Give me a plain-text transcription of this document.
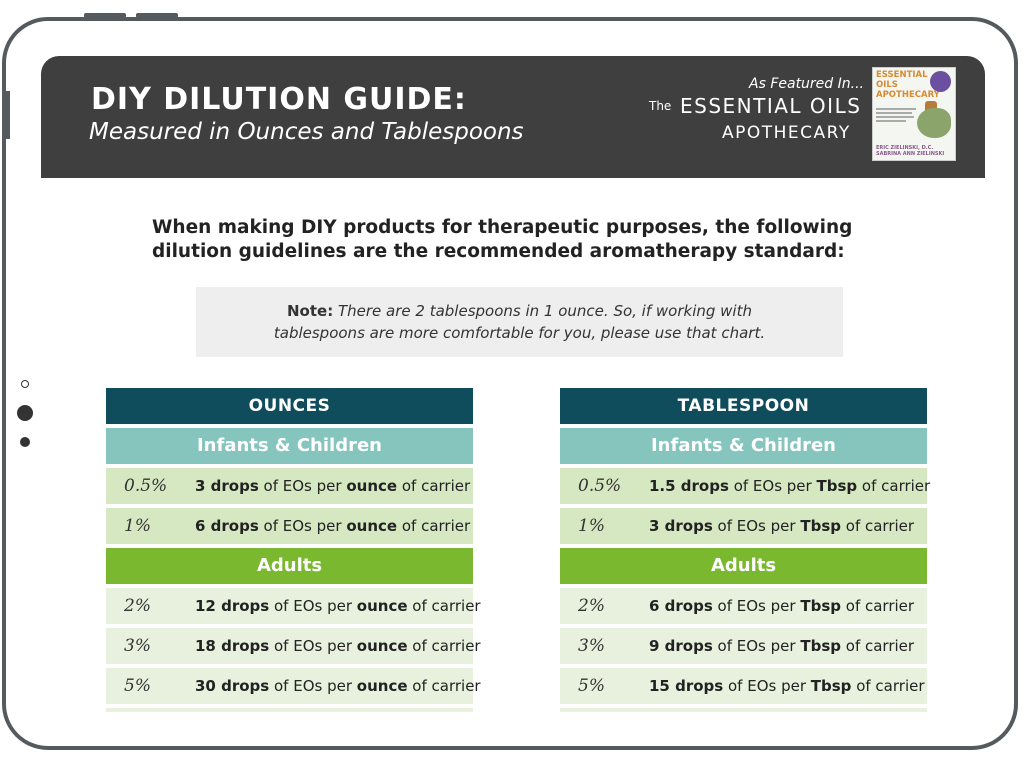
DIY DILUTION GUIDE:
Measured in Ounces and Tablespoons
As Featured In...
The ESSENTIAL OILS
APOTHECARY
ESSENTIAL OILS APOTHECARY
ERIC ZIELINSKI, D.C.
SABRINA ANN ZIELINSKI
When making DIY products for therapeutic purposes, the following dilution guidelines are the recommended aromatherapy standard:
Note: There are 2 tablespoons in 1 ounce. So, if working with
tablespoons are more comfortable for you, please use that chart.
OUNCES
Infants & Children
0.5%	3 drops of EOs per ounce of carrier
1%	6 drops of EOs per ounce of carrier
Adults
2%	12 drops of EOs per ounce of carrier
3%	18 drops of EOs per ounce of carrier
5%	30 drops of EOs per ounce of carrier
TABLESPOON
Infants & Children
0.5%	1.5 drops of EOs per Tbsp of carrier
1%	3 drops of EOs per Tbsp of carrier
Adults
2%	6 drops of EOs per Tbsp of carrier
3%	9 drops of EOs per Tbsp of carrier
5%	15 drops of EOs per Tbsp of carrier
